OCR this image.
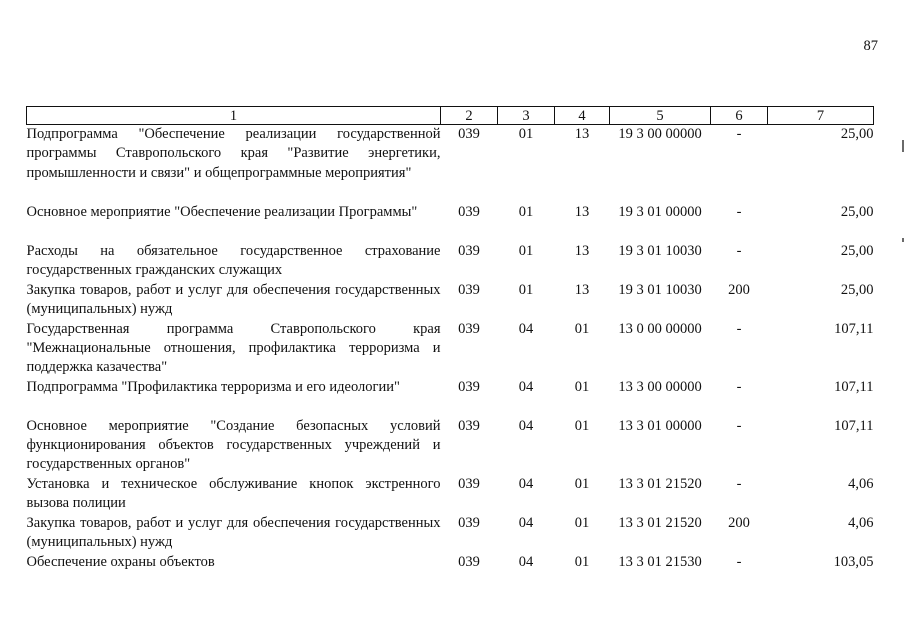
87
1	2	3	4	5	6	7
Подпрограмма "Обеспечение реализации государственной программы Ставропольского края "Развитие энергетики, промышленности и связи" и общепрограммные мероприятия"	039	01	13	19 3 00 00000	-	25,00
Основное мероприятие "Обеспечение реализации Программы"	039	01	13	19 3 01 00000	-	25,00
Расходы на обязательное государственное страхование государственных гражданских служащих	039	01	13	19 3 01 10030	-	25,00
Закупка товаров, работ и услуг для обеспечения государственных (муниципальных) нужд	039	01	13	19 3 01 10030	200	25,00
Государственная программа Ставропольского края "Межнациональные отношения, профилактика терроризма и поддержка казачества"	039	04	01	13 0 00 00000	-	107,11
Подпрограмма "Профилактика терроризма и его идеологии"	039	04	01	13 3 00 00000	-	107,11
Основное мероприятие "Создание безопасных условий функционирования объектов государственных учреждений и государственных органов"	039	04	01	13 3 01 00000	-	107,11
Установка и техническое обслуживание кнопок экстренного вызова полиции	039	04	01	13 3 01 21520	-	4,06
Закупка товаров, работ и услуг для обеспечения государственных (муниципальных) нужд	039	04	01	13 3 01 21520	200	4,06
Обеспечение охраны объектов	039	04	01	13 3 01 21530	-	103,05
